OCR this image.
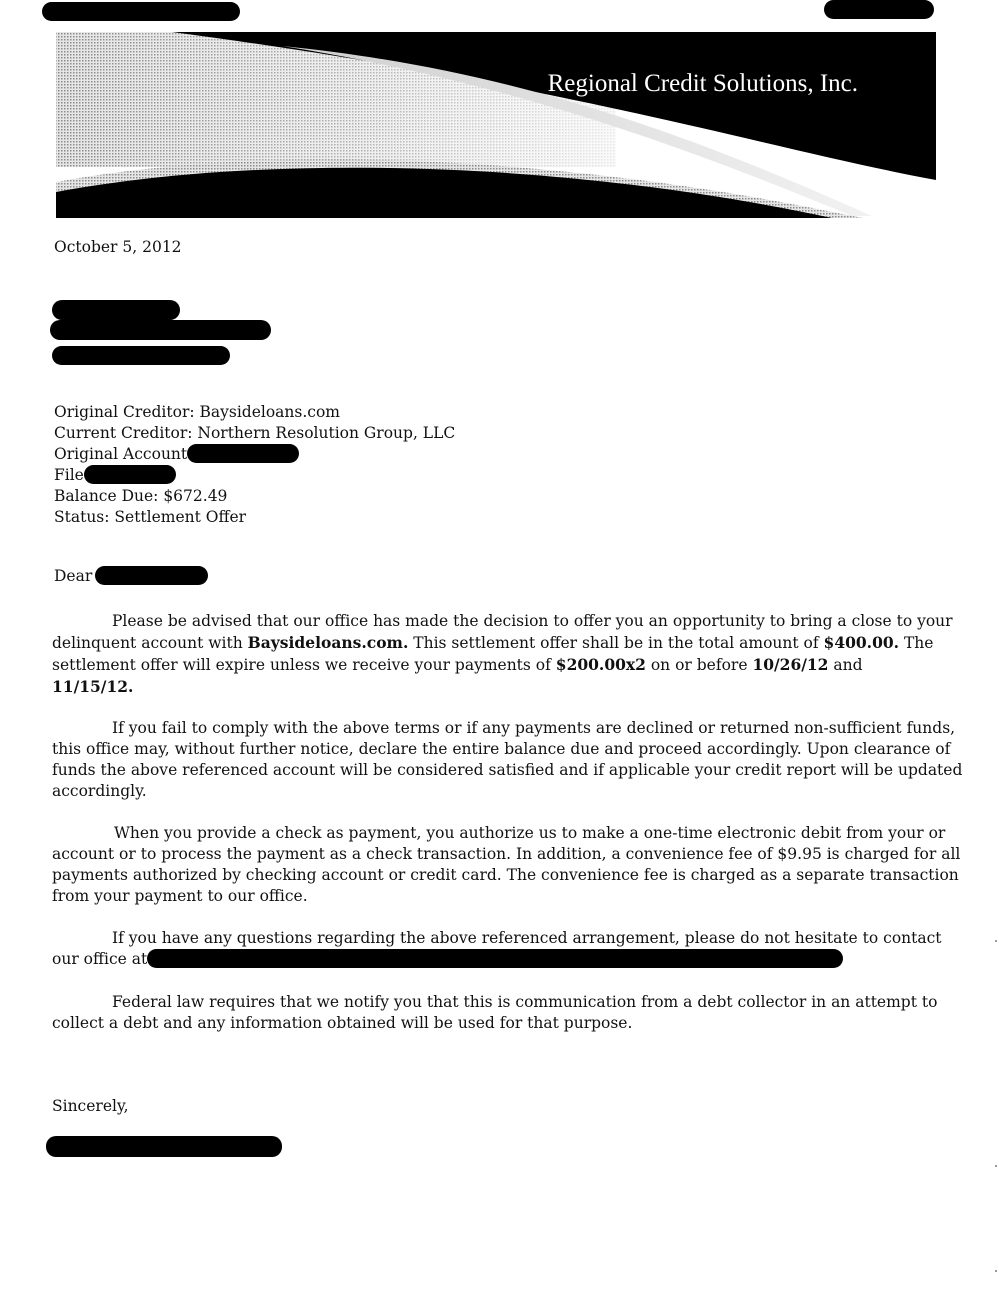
Regional Credit Solutions, Inc.
October 5, 2012
Original Creditor: Baysideloans.com
Current Creditor: Northern Resolution Group, LLC
Original Account
File
Balance Due: $672.49
Status: Settlement Offer
Dear
Please be advised that our office has made the decision to offer you an opportunity to bring a close to your
delinquent account with Baysideloans.com. This settlement offer shall be in the total amount of $400.00. The
settlement offer will expire unless we receive your payments of $200.00x2 on or before 10/26/12 and
11/15/12.
If you fail to comply with the above terms or if any payments are declined or returned non-sufficient funds,
this office may, without further notice, declare the entire balance due and proceed accordingly. Upon clearance of
funds the above referenced account will be considered satisfied and if applicable your credit report will be updated
accordingly.
When you provide a check as payment, you authorize us to make a one-time electronic debit from your or
account or to process the payment as a check transaction. In addition, a convenience fee of $9.95 is charged for all
payments authorized by checking account or credit card. The convenience fee is charged as a separate transaction
from your payment to our office.
If you have any questions regarding the above referenced arrangement, please do not hesitate to contact
our office at
Federal law requires that we notify you that this is communication from a debt collector in an attempt to
collect a debt and any information obtained will be used for that purpose.
Sincerely,
